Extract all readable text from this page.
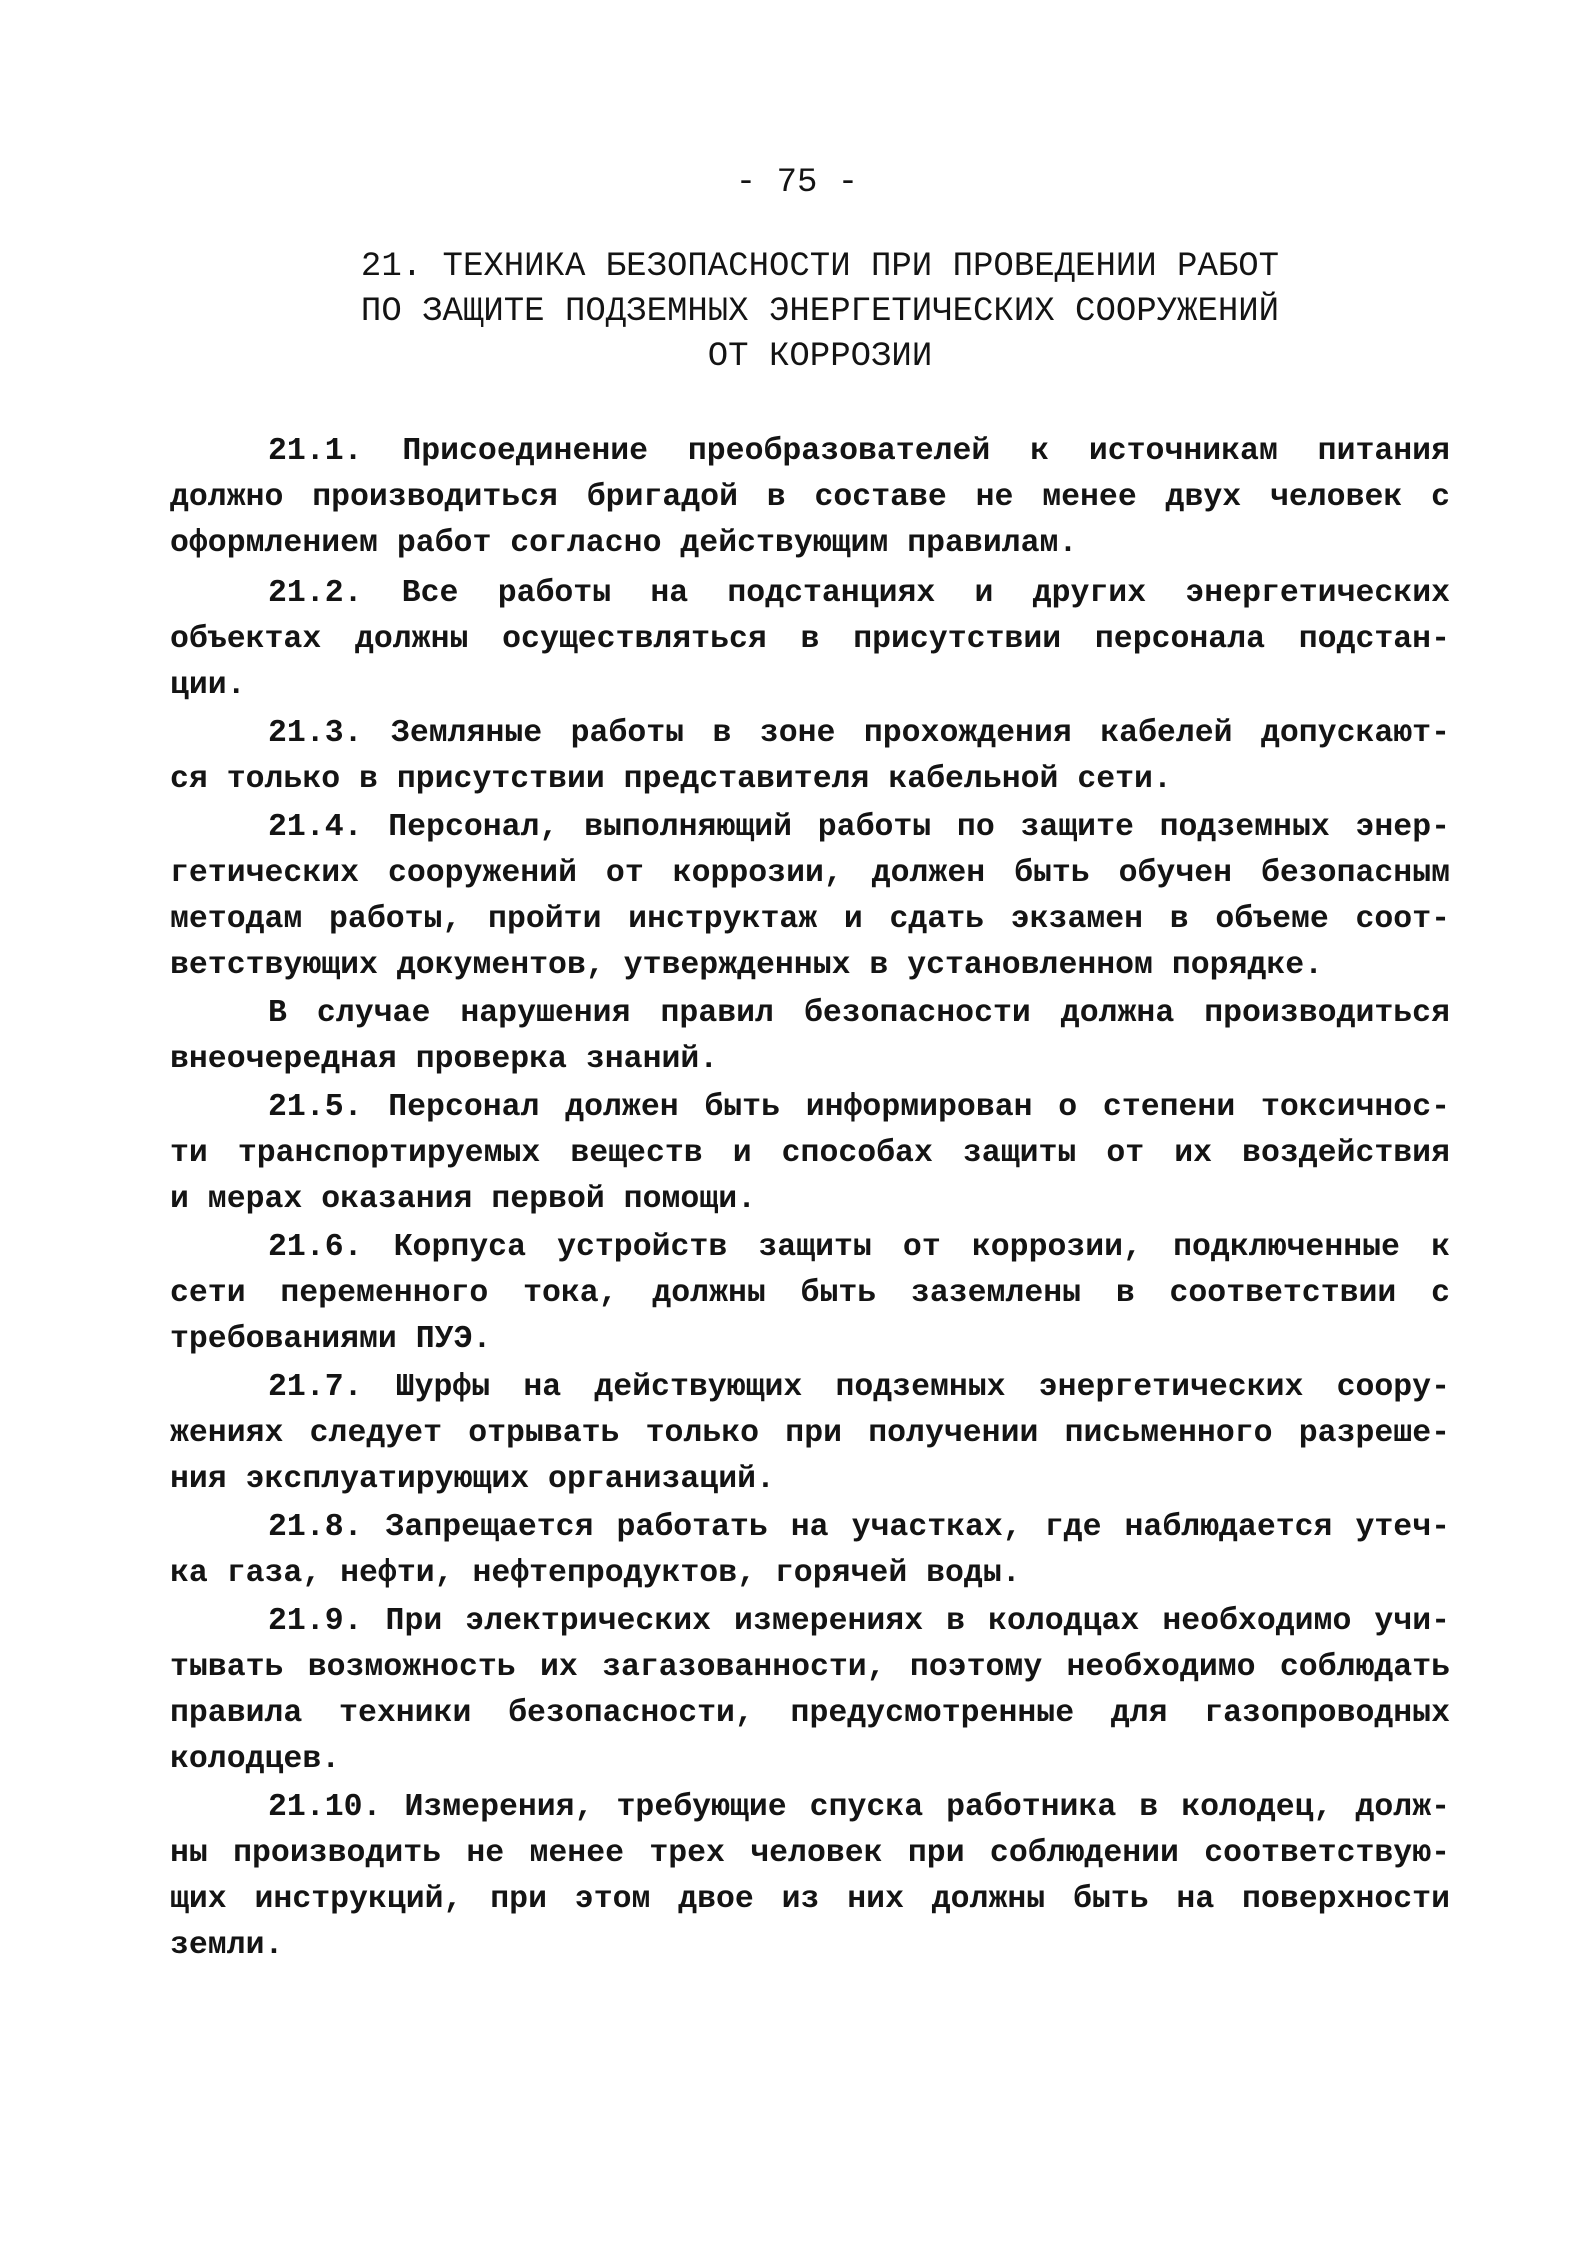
- 75 -
21. ТЕХНИКА БЕЗОПАСНОСТИ ПРИ ПРОВЕДЕНИИ РАБОТ
ПО ЗАЩИТЕ ПОДЗЕМНЫХ ЭНЕРГЕТИЧЕСКИХ СООРУЖЕНИЙ
ОТ КОРРОЗИИ
21.1. Присоединение преобразователей к источникам питания
должно производиться бригадой в составе не менее двух человек с
оформлением работ согласно действующим правилам.
21.2. Все работы на подстанциях и других энергетических
объектах должны осуществляться в присутствии персонала подстан-
ции.
21.3. Земляные работы в зоне прохождения кабелей допускают-
ся только в присутствии представителя кабельной сети.
21.4. Персонал, выполняющий работы по защите подземных энер-
гетических сооружений от коррозии, должен быть обучен безопасным
методам работы, пройти инструктаж и сдать экзамен в объеме соот-
ветствующих документов, утвержденных в установленном порядке.
В случае нарушения правил безопасности должна производиться
внеочередная проверка знаний.
21.5. Персонал должен быть информирован о степени токсичнос-
ти транспортируемых веществ и способах защиты от их воздействия
и мерах оказания первой помощи.
21.6. Корпуса устройств защиты от коррозии, подключенные к
сети переменного тока, должны быть заземлены в соответствии с
требованиями ПУЭ.
21.7. Шурфы на действующих подземных энергетических соору-
жениях следует отрывать только при получении письменного разреше-
ния эксплуатирующих организаций.
21.8. Запрещается работать на участках, где наблюдается утеч-
ка газа, нефти, нефтепродуктов, горячей воды.
21.9. При электрических измерениях в колодцах необходимо учи-
тывать возможность их загазованности, поэтому необходимо соблюдать
правила техники безопасности, предусмотренные для газопроводных
колодцев.
21.10. Измерения, требующие спуска работника в колодец, долж-
ны производить не менее трех человек при соблюдении соответствую-
щих инструкций, при этом двое из них должны быть на поверхности
земли.
